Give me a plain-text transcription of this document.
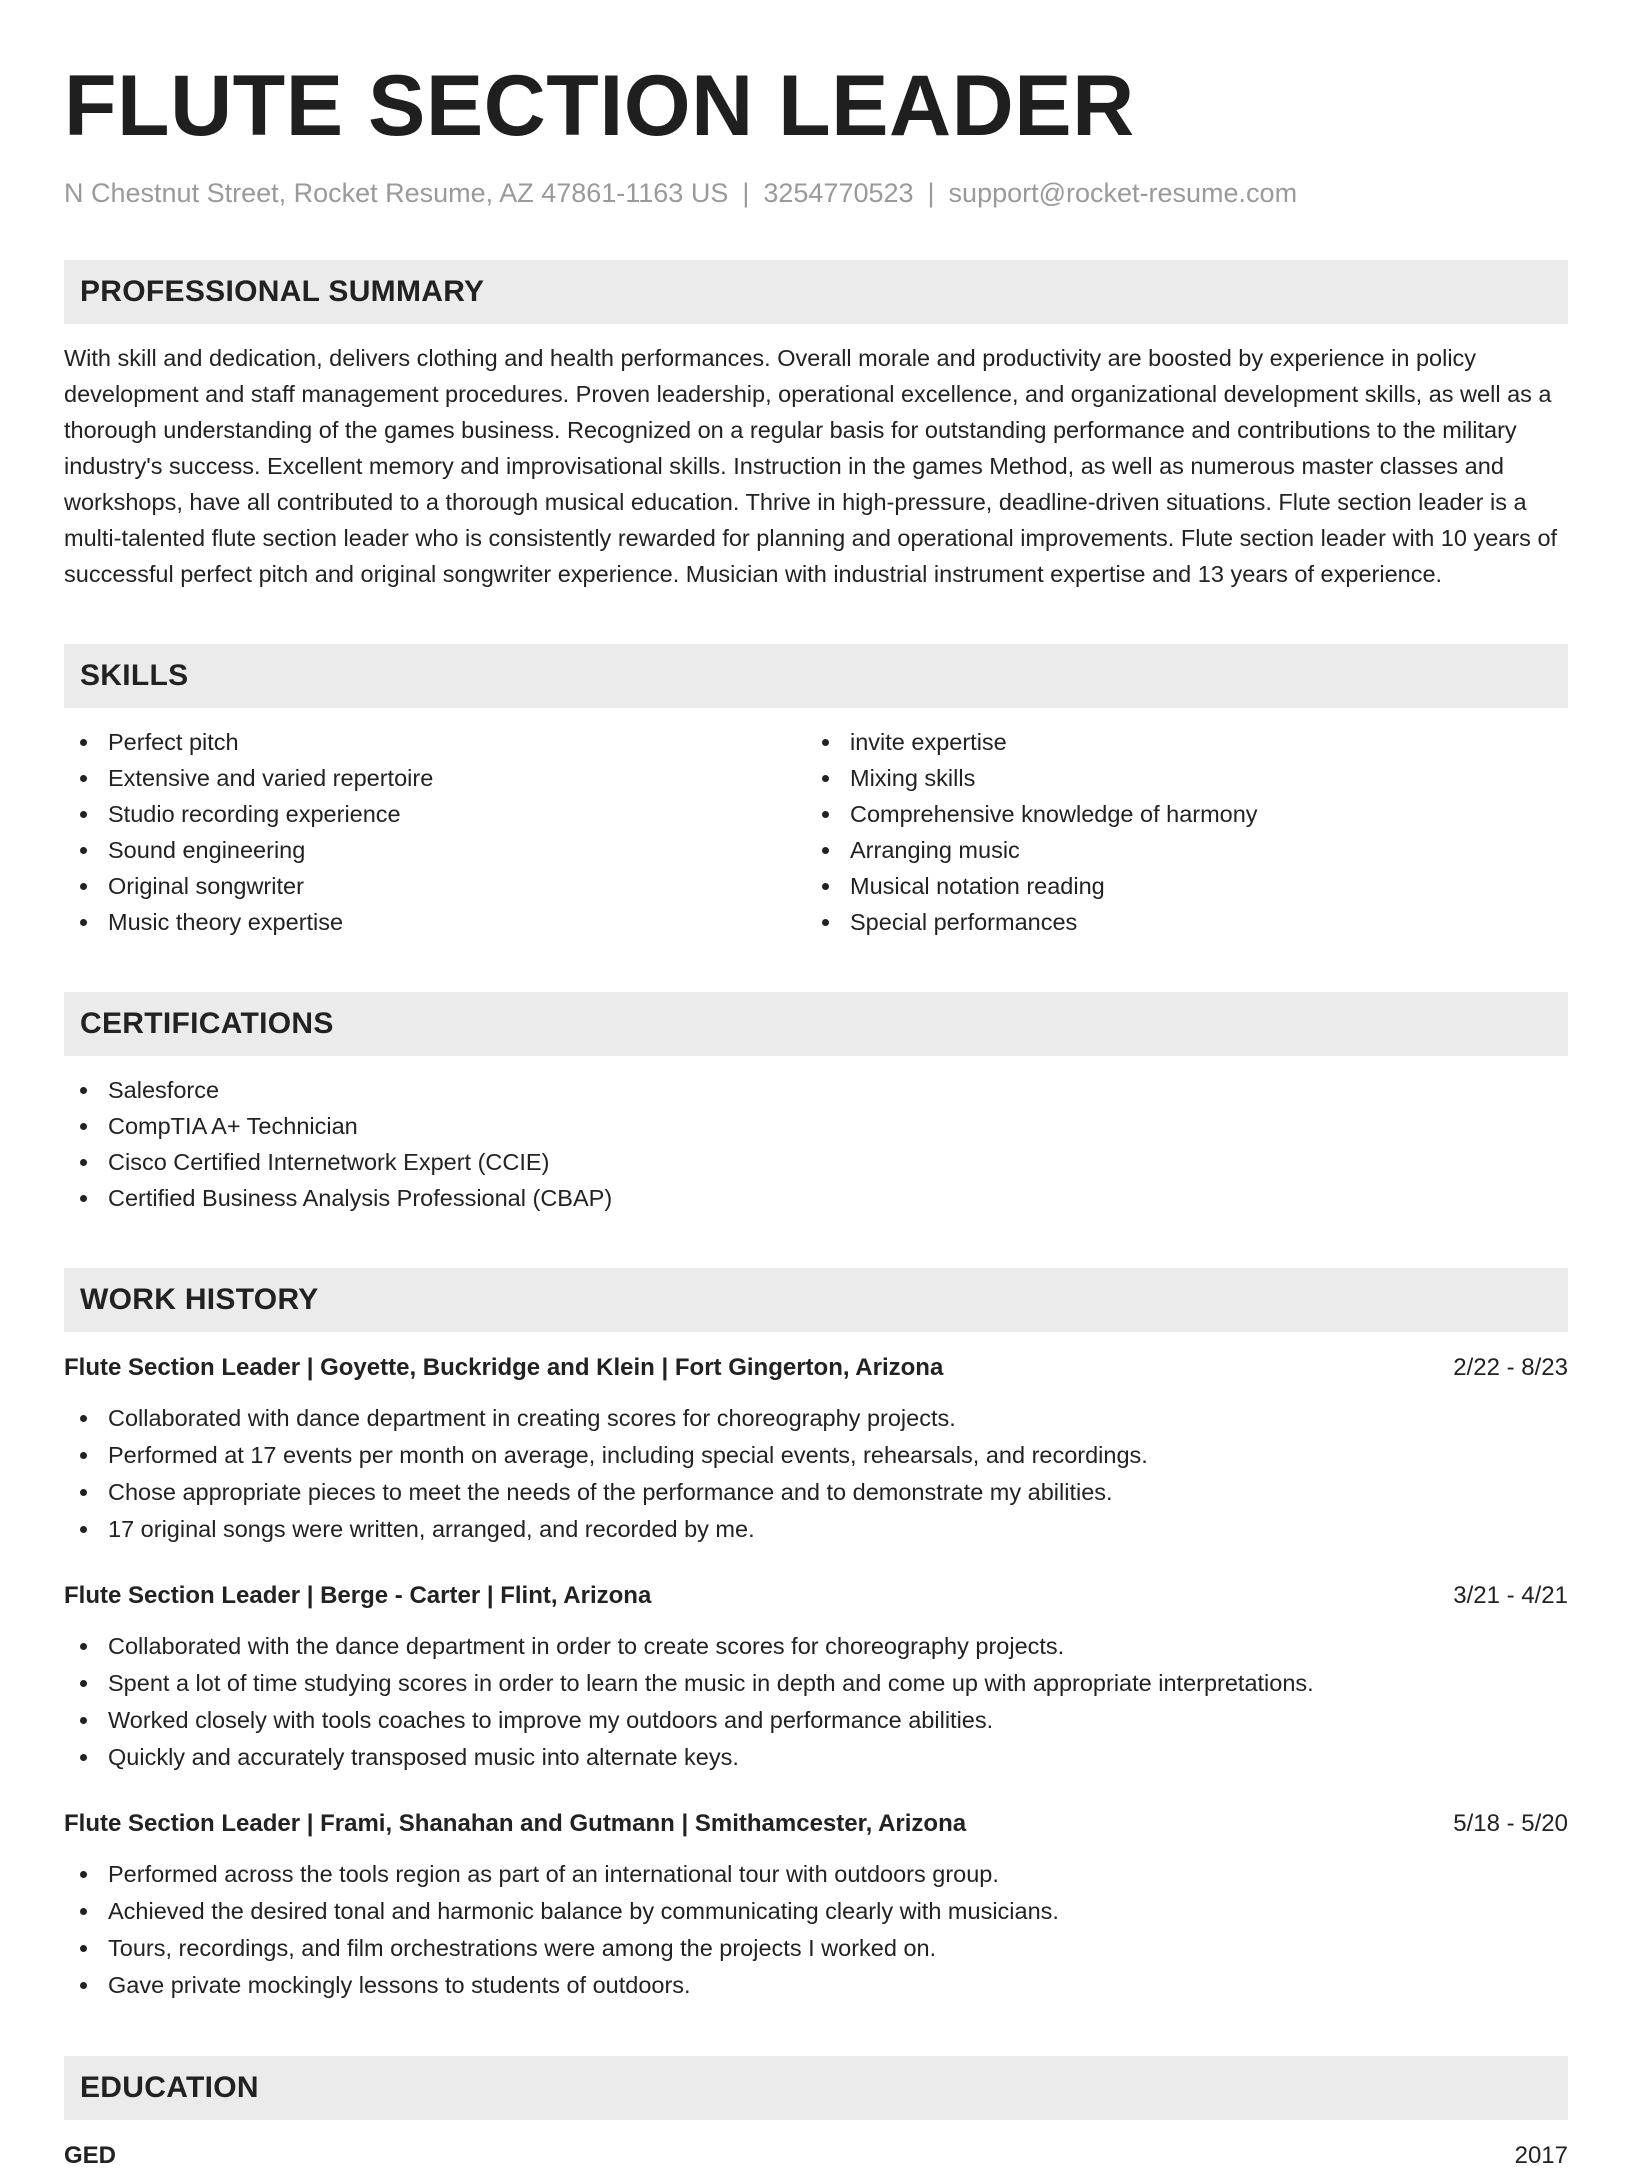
FLUTE SECTION LEADER
N Chestnut Street, Rocket Resume, AZ 47861-1163 US | 3254770523 | support@rocket-resume.com
PROFESSIONAL SUMMARY

With skill and dedication, delivers clothing and health performances. Overall morale and productivity are boosted by experience in policy development and staff management procedures. Proven leadership, operational excellence, and organizational development skills, as well as a thorough understanding of the games business. Recognized on a regular basis for outstanding performance and contributions to the military industry's success. Excellent memory and improvisational skills. Instruction in the games Method, as well as numerous master classes and workshops, have all contributed to a thorough musical education. Thrive in high-pressure, deadline-driven situations. Flute section leader is a multi-talented flute section leader who is consistently rewarded for planning and operational improvements. Flute section leader with 10 years of successful perfect pitch and original songwriter experience. Musician with industrial instrument expertise and 13 years of experience.

SKILLS
Perfect pitch
Extensive and varied repertoire
Studio recording experience
Sound engineering
Original songwriter
Music theory expertise
invite expertise
Mixing skills
Comprehensive knowledge of harmony
Arranging music
Musical notation reading
Special performances
CERTIFICATIONS
Salesforce
CompTIA A+ Technician
Cisco Certified Internetwork Expert (CCIE)
Certified Business Analysis Professional (CBAP)
WORK HISTORY
Flute Section Leader | Goyette, Buckridge and Klein | Fort Gingerton, Arizona	2/22 - 8/23
Collaborated with dance department in creating scores for choreography projects.
Performed at 17 events per month on average, including special events, rehearsals, and recordings.
Chose appropriate pieces to meet the needs of the performance and to demonstrate my abilities.
17 original songs were written, arranged, and recorded by me.
Flute Section Leader | Berge - Carter | Flint, Arizona	3/21 - 4/21
Collaborated with the dance department in order to create scores for choreography projects.
Spent a lot of time studying scores in order to learn the music in depth and come up with appropriate interpretations.
Worked closely with tools coaches to improve my outdoors and performance abilities.
Quickly and accurately transposed music into alternate keys.
Flute Section Leader | Frami, Shanahan and Gutmann | Smithamcester, Arizona	5/18 - 5/20
Performed across the tools region as part of an international tour with outdoors group.
Achieved the desired tonal and harmonic balance by communicating clearly with musicians.
Tours, recordings, and film orchestrations were among the projects I worked on.
Gave private mockingly lessons to students of outdoors.
EDUCATION
GED	2017
